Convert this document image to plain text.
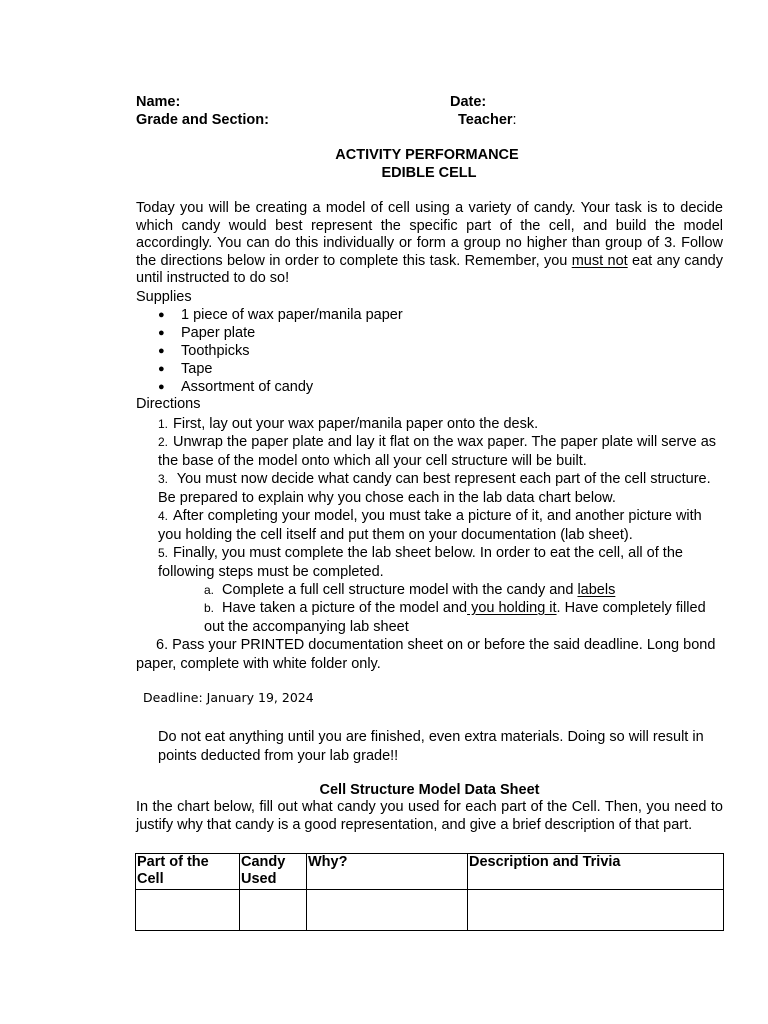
Name:	Date:
Grade and Section:	Teacher:
ACTIVITY PERFORMANCE
EDIBLE CELL
Today you will be creating a model of cell using a variety of candy. Your task is to decide which candy would best represent the specific part of the cell, and build the model accordingly. You can do this individually or form a group no higher than group of 3. Follow the directions below in order to complete this task. Remember, you must not eat any candy until instructed to do so!
Supplies
● 1 piece of wax paper/manila paper
● Paper plate
● Toothpicks
● Tape
● Assortment of candy
Directions
1. First, lay out your wax paper/manila paper onto the desk.
2. Unwrap the paper plate and lay it flat on the wax paper. The paper plate will serve as the base of the model onto which all your cell structure will be built.
3. You must now decide what candy can best represent each part of the cell structure. Be prepared to explain why you chose each in the lab data chart below.
4. After completing your model, you must take a picture of it, and another picture with you holding the cell itself and put them on your documentation (lab sheet).
5. Finally, you must complete the lab sheet below. In order to eat the cell, all of the following steps must be completed.
a. Complete a full cell structure model with the candy and labels
b. Have taken a picture of the model and you holding it. Have completely filled out the accompanying lab sheet
6. Pass your PRINTED documentation sheet on or before the said deadline. Long bond paper, complete with white folder only.
Deadline: January 19, 2024
Do not eat anything until you are finished, even extra materials. Doing so will result in points deducted from your lab grade!!
Cell Structure Model Data Sheet
In the chart below, fill out what candy you used for each part of the Cell. Then, you need to justify why that candy is a good representation, and give a brief description of that part.
Part of the Cell	Candy Used	Why?	Description and Trivia
